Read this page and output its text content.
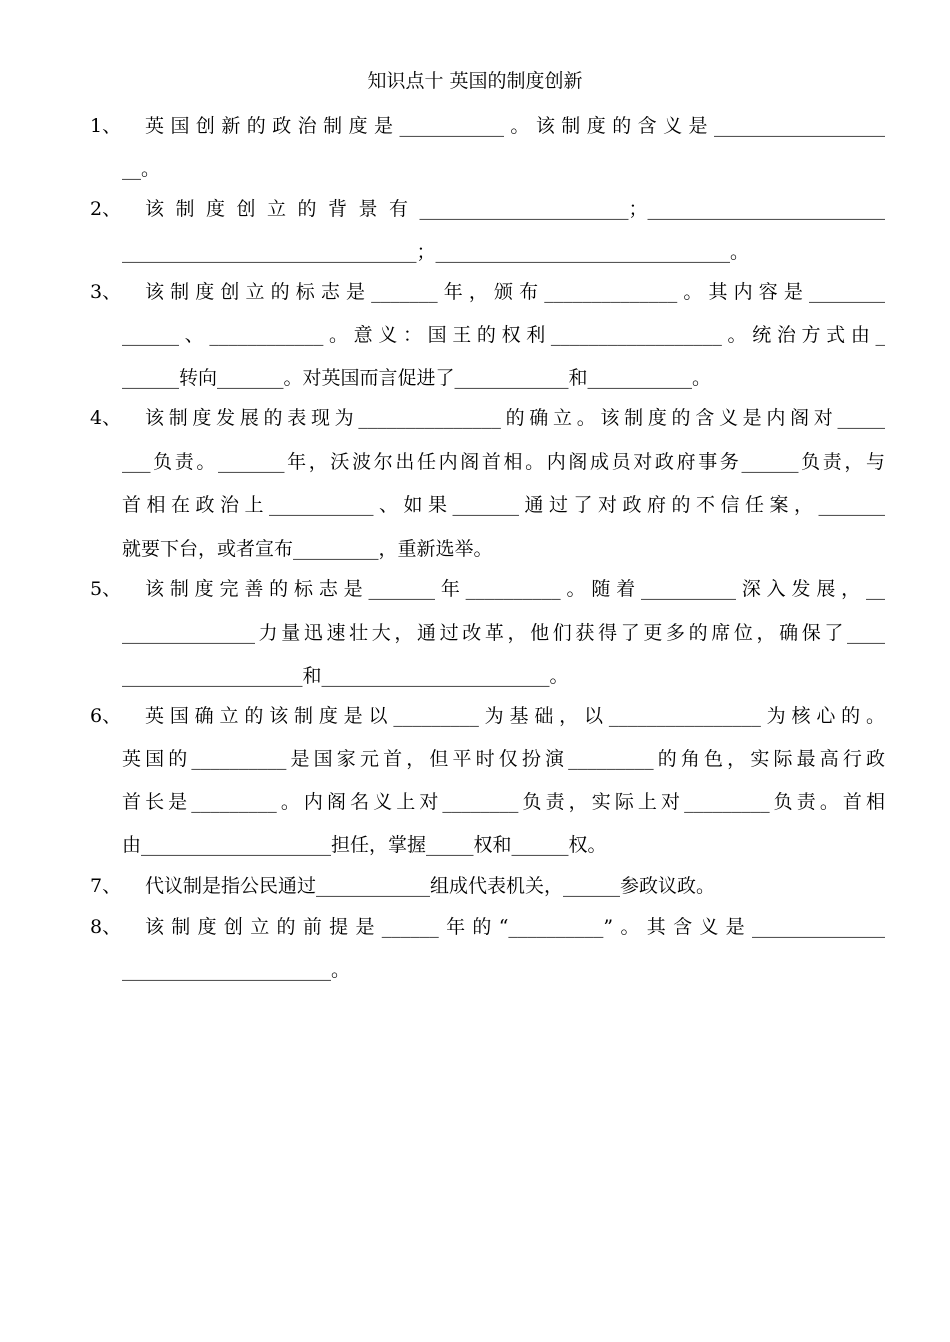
知识点十 英国的制度创新
1、 英国创新的政治制度是___________。该制度的含义是__________________
__。
2、 该制度创立的背景有______________________；_________________________
_______________________________；_______________________________。
3、 该制度创立的标志是_______年，颁布______________。其内容是________
______、____________。意义：国王的权利__________________。统治方式由_
______转向_______。对英国而言促进了____________和___________。
4、 该制度发展的表现为_______________的确立。该制度的含义是内阁对_____
___负责。_______年，沃波尔出任内阁首相。内阁成员对政府事务______负责，与
首相在政治上___________、如果_______通过了对政府的不信任案，_______
就要下台，或者宣布_________，重新选举。
5、 该制度完善的标志是_______年__________。随着__________深入发展，__
______________力量迅速壮大，通过改革，他们获得了更多的席位，确保了____
___________________和________________________。
6、 英国确立的该制度是以_________为基础，以________________为核心的。
英国的__________是国家元首，但平时仅扮演_________的角色，实际最高行政
首长是_________。内阁名义上对________负责，实际上对_________负责。首相
由____________________担任，掌握_____权和______权。
7、 代议制是指公民通过____________组成代表机关，______参政议政。
8、 该制度创立的前提是______年的“__________”。其含义是______________
______________________。
